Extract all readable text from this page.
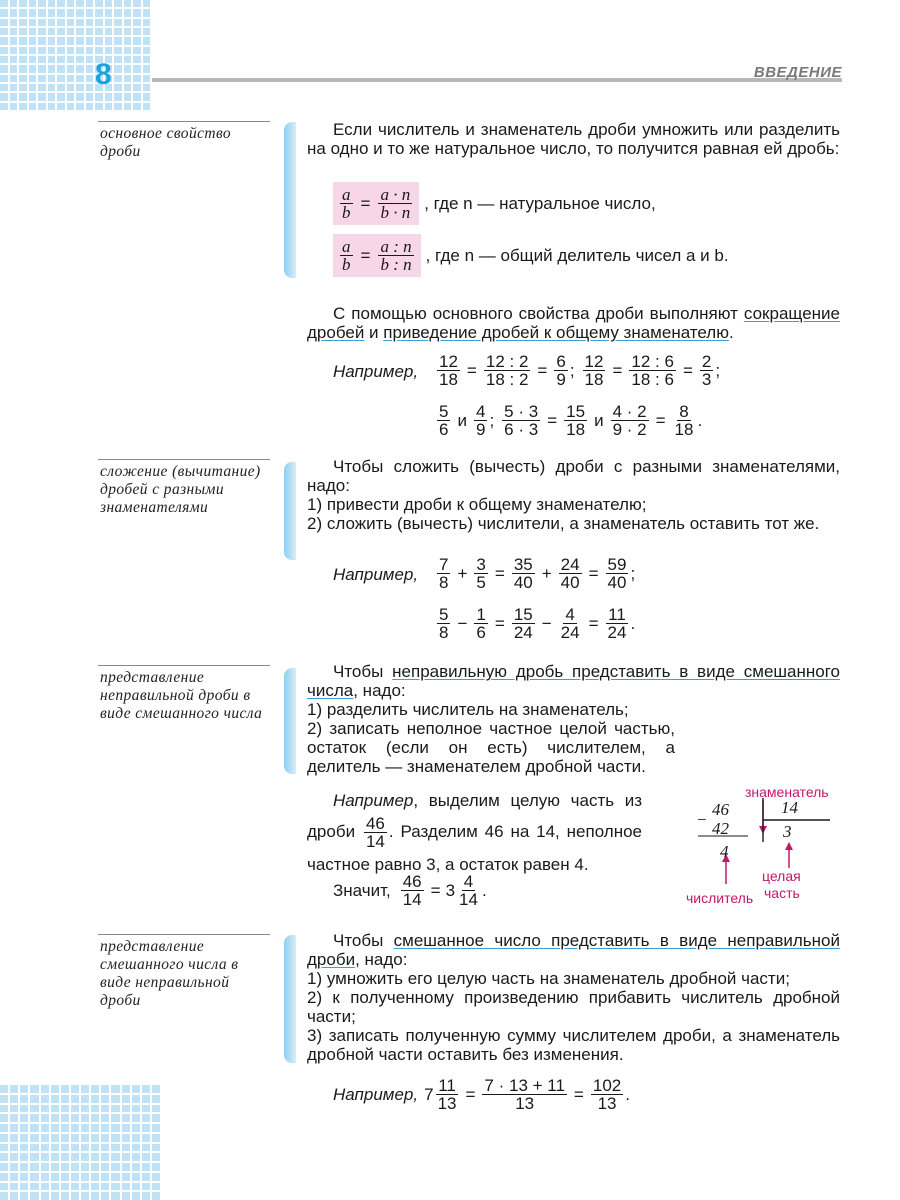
8	ВВЕДЕНИЕ
основное свойство дроби

Если числитель и знаменатель дроби умножить или разделить на одно и то же натуральное число, то получится равная ей дробь:

$\frac{a}{b} = \frac{a \cdot n}{b \cdot n}$ , где n — натуральное число,
$\frac{a}{b} = \frac{a : n}{b : n}$ , где n — общий делитель чисел a и b.

С помощью основного свойства дроби выполняют сокращение дробей и приведение дробей к общему знаменателю.

Например, $\frac{12}{18} = \frac{12 : 2}{18 : 2} = \frac{6}{9}$ ; $\frac{12}{18} = \frac{12 : 6}{18 : 6} = \frac{2}{3}$ ;
$\frac{5}{6}$ и $\frac{4}{9}$ ; $\frac{5 \cdot 3}{6 \cdot 3} = \frac{15}{18}$ и $\frac{4 \cdot 2}{9 \cdot 2} = \frac{8}{18}$ .
сложение (вычитание) дробей с разными знаменателями

Чтобы сложить (вычесть) дроби с разными знаменателями, надо:

1) привести дроби к общему знаменателю;

2) сложить (вычесть) числители, а знаменатель оставить тот же.

Например, $\frac{7}{8} + \frac{3}{5} = \frac{35}{40} + \frac{24}{40} = \frac{59}{40}$ ;
$\frac{5}{8} - \frac{1}{6} = \frac{15}{24} - \frac{4}{24} = \frac{11}{24}$ .
представление неправильной дроби в виде смешанного числа

Чтобы неправильную дробь представить в виде смешанного числа, надо:

1) разделить числитель на знаменатель;

2) записать неполное частное целой частью, остаток (если он есть) числителем, а делитель — знаменателем дробной части.

Например, выделим целую часть из дроби $\frac{46}{14}$ . Разделим 46 на 14, неполное частное равно 3, а остаток равен 4.
Значит, $\frac{46}{14} = 3 \frac{4}{14}$ .
знаменатель
−
46
42
4
14
3
целая
часть
числитель
представление смешанного числа в виде неправильной дроби

Чтобы смешанное число представить в виде неправильной дроби, надо:

1) умножить его целую часть на знаменатель дробной части;

2) к полученному произведению прибавить числитель дробной части;

3) записать полученную сумму числителем дроби, а знаменатель дробной части оставить без изменения.

Например, $7 \frac{11}{13} = \frac{7 \cdot 13 + 11}{13} = \frac{102}{13}$ .
